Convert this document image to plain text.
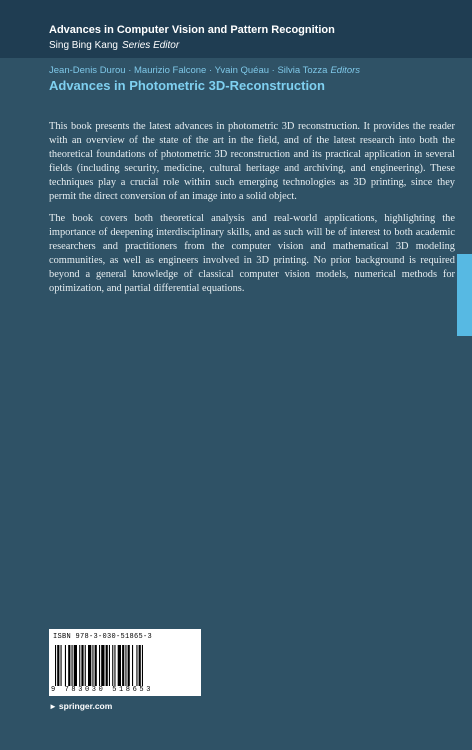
Advances in Computer Vision and Pattern Recognition
Sing Bing Kang Series Editor
Jean-Denis Durou · Maurizio Falcone · Yvain Quéau · Silvia Tozza Editors
Advances in Photometric 3D-Reconstruction

This book presents the latest advances in photometric 3D reconstruction. It provides the reader with an overview of the state of the art in the field, and of the latest research into both the theoretical foundations of photometric 3D reconstruction and its practical application in several fields (including security, medicine, cultural heritage and archiving, and engineering). These techniques play a crucial role within such emerging technologies as 3D printing, since they permit the direct conversion of an image into a solid object.

The book covers both theoretical analysis and real-world applications, highlighting the importance of deepening interdisciplinary skills, and as such will be of interest to both academic researchers and practitioners from the computer vision and mathematical 3D modeling communities, as well as engineers involved in 3D printing. No prior background is required beyond a general knowledge of classical computer vision models, numerical methods for optimization, and partial differential equations.

ISBN 978-3-030-51865-3
9 783030 518653
► springer.com
